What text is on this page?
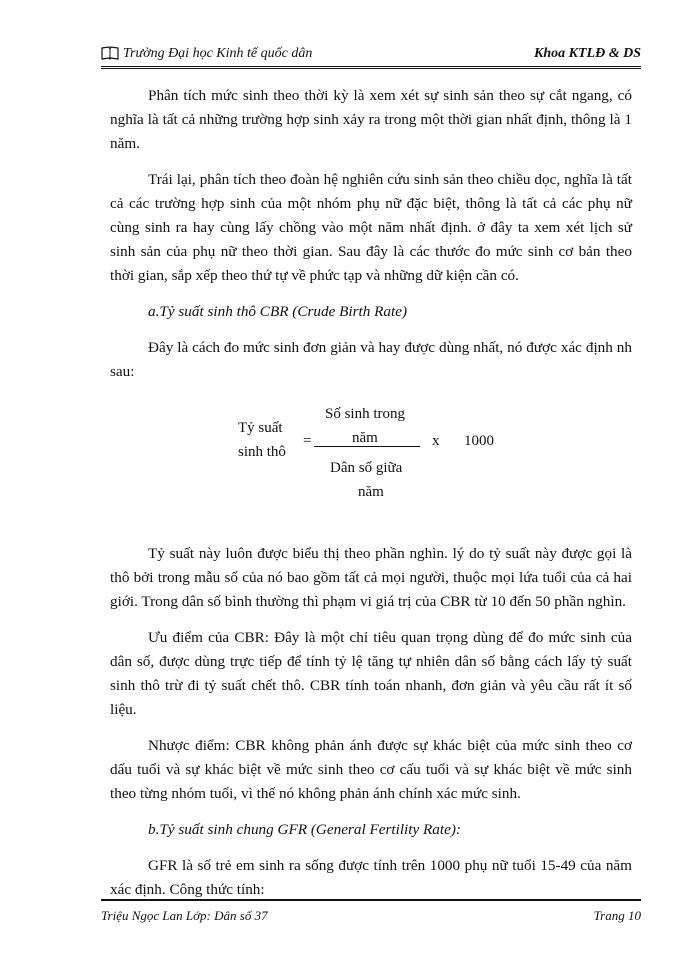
Trường Đại học Kinh tế quốc dân	Khoa KTLĐ & DS

Phân tích mức sinh theo thời kỳ là xem xét sự sinh sản theo sự cắt ngang, có nghĩa là tất cả những trường hợp sinh xảy ra trong một thời gian nhất định, thông là 1 năm.

Trái lại, phân tích theo đoàn hệ nghiên cứu sinh sản theo chiều dọc, nghĩa là tất cả các trường hợp sinh của một nhóm phụ nữ đặc biệt, thông là tất cả các phụ nữ cùng sinh ra hay cùng lấy chồng vào một năm nhất định. ở đây ta xem xét lịch sử sinh sản của phụ nữ theo thời gian. Sau đây là các thước đo mức sinh cơ bản theo thời gian, sắp xếp theo thứ tự về phức tạp và những dữ kiện cần có.

a.Tỷ suất sinh thô CBR (Crude Birth Rate)

Đây là cách đo mức sinh đơn giản và hay được dùng nhất, nó được xác định nh sau:

Tỷ suất
sinh thô
=
Số sinh trong
năm
Dân số giữa
năm
x 1000

Tỷ suất này luôn được biểu thị theo phần nghìn. lý do tỷ suất này được gọi là thô bởi trong mẫu số của nó bao gồm tất cả mọi người, thuộc mọi lứa tuổi của cả hai giới. Trong dân số bình thường thì phạm vi giá trị của CBR từ 10 đến 50 phần nghìn.

Ưu điểm của CBR: Đây là một chỉ tiêu quan trọng dùng để đo mức sinh của dân số, được dùng trực tiếp để tính tỷ lệ tăng tự nhiên dân số bằng cách lấy tỷ suất sinh thô trừ đi tỷ suất chết thô. CBR tính toán nhanh, đơn giản và yêu cầu rất ít số liệu.

Nhược điểm: CBR không phản ánh được sự khác biệt của mức sinh theo cơ dấu tuổi và sự khác biệt về mức sinh theo cơ cấu tuổi và sự khác biệt về mức sinh theo từng nhóm tuổi, vì thế nó không phản ánh chính xác mức sinh.

b.Tỷ suất sinh chung GFR (General Fertility Rate):

GFR là số trẻ em sinh ra sống được tính trên 1000 phụ nữ tuổi 15-49 của năm xác định. Công thức tính:

Triệu Ngọc Lan Lớp: Dân số 37	Trang 10
